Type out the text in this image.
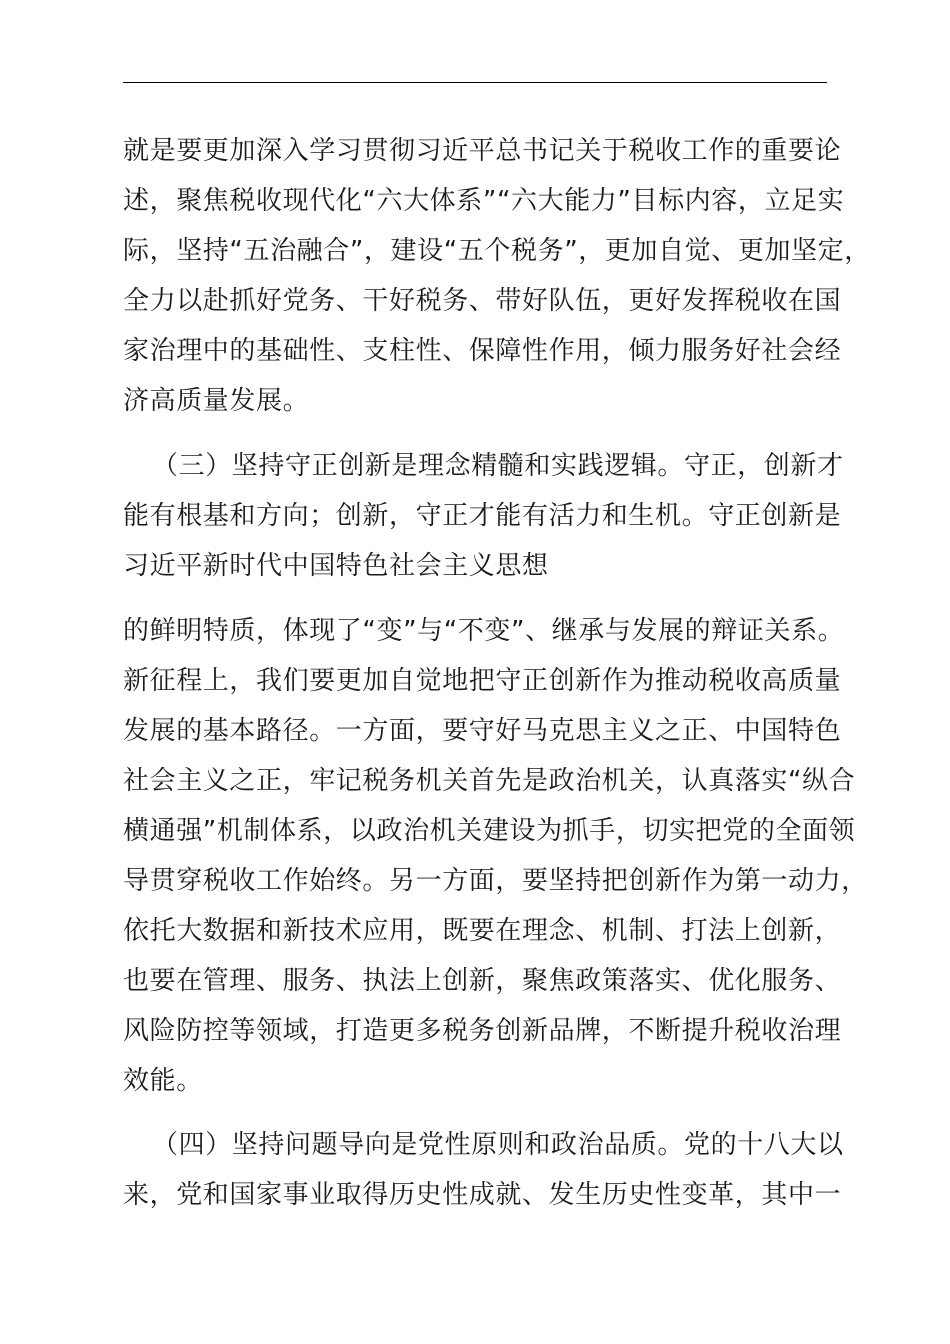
就是要更加深入学习贯彻习近平总书记关于税收工作的重要论
述，聚焦税收现代化“六大体系”“六大能力”目标内容，立足实
际，坚持“五治融合”，建设“五个税务”，更加自觉、更加坚定，
全力以赴抓好党务、干好税务、带好队伍，更好发挥税收在国
家治理中的基础性、支柱性、保障性作用，倾力服务好社会经
济高质量发展。
（三）坚持守正创新是理念精髓和实践逻辑。守正，创新才
能有根基和方向；创新，守正才能有活力和生机。守正创新是
习近平新时代中国特色社会主义思想
的鲜明特质，体现了“变”与“不变”、继承与发展的辩证关系。
新征程上，我们要更加自觉地把守正创新作为推动税收高质量
发展的基本路径。一方面，要守好马克思主义之正、中国特色
社会主义之正，牢记税务机关首先是政治机关，认真落实“纵合
横通强”机制体系，以政治机关建设为抓手，切实把党的全面领
导贯穿税收工作始终。另一方面，要坚持把创新作为第一动力，
依托大数据和新技术应用，既要在理念、机制、打法上创新，
也要在管理、服务、执法上创新，聚焦政策落实、优化服务、
风险防控等领域，打造更多税务创新品牌，不断提升税收治理
效能。
（四）坚持问题导向是党性原则和政治品质。党的十八大以
来，党和国家事业取得历史性成就、发生历史性变革，其中一
